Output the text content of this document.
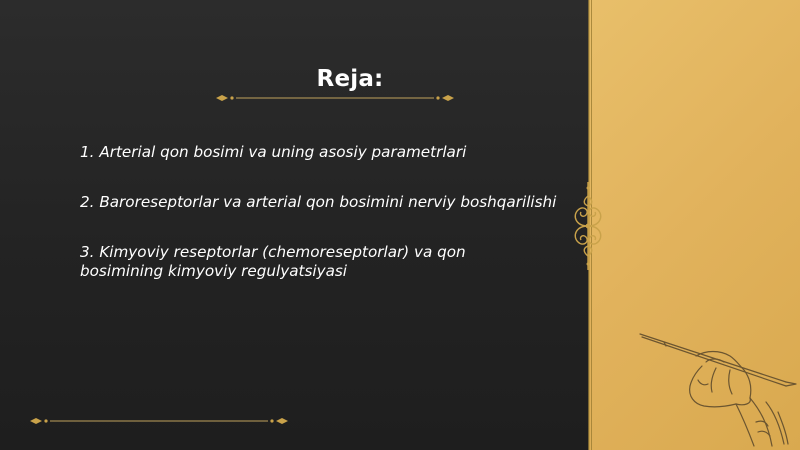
Reja:

1. Arterial qon bosimi va uning asosiy parametrlari

2. Baroreseptorlar va arterial qon bosimini nerviy boshqarilishi

3. Kimyoviy reseptorlar (chemoreseptorlar) va qon bosimining kimyoviy regulyatsiyasi
